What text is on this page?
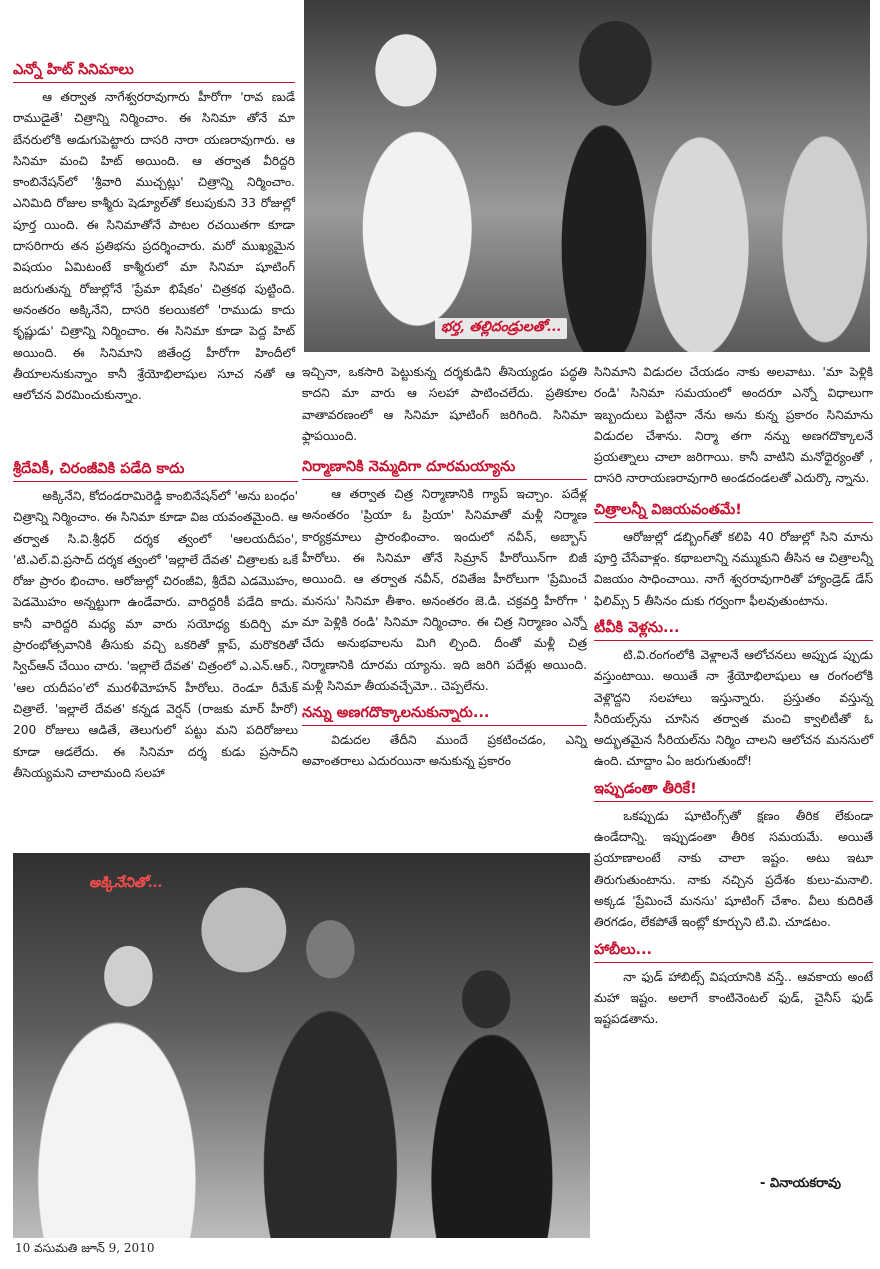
ఎన్నో హిట్ సినిమాలు

ఆ తర్వాత నాగేశ్వరరావుగారు హీరోగా 'రావ ణుడే రాముడైతే' చిత్రాన్ని నిర్మించాం. ఈ సినిమా తోనే మా బేనరులోకి అడుగుపెట్టారు దాసరి నారా యణరావుగారు. ఆ సినిమా మంచి హిట్ అయింది. ఆ తర్వాత వీరిద్దరి కాంబినేషన్‌లో 'శ్రీవారి ముచ్చట్లు' చిత్రాన్ని నిర్మించాం. ఎనిమిది రోజుల కాశ్మీరు షెడ్యూల్‌తో కలుపుకుని 33 రోజుల్లో పూర్త యింది. ఈ సినిమాతోనే పాటల రచయితగా కూడా దాసరిగారు తన ప్రతిభను ప్రదర్శించారు. మరో ముఖ్యమైన విషయం ఏమిటంటే కాశ్మీరులో మా సినిమా షూటింగ్ జరుగుతున్న రోజుల్లోనే 'ప్రేమా భిషేకం' చిత్రకథ పుట్టింది. అనంతరం అక్కినేని, దాసరి కలయికలో 'రాముడు కాదు కృష్ణుడు' చిత్రాన్ని నిర్మించాం. ఈ సినిమా కూడా పెద్ద హిట్ అయింది. ఈ సినిమాని జితేంద్ర హీరోగా హిందీలో తీయాలనుకున్నాం కానీ శ్రేయోభిలాషుల సూచ నతో ఆ ఆలోచన విరమించుకున్నాం.

శ్రీదేవికీ, చిరంజీవికి పడేది కాదు

అక్కినేని, కోదండరామిరెడ్డి కాంబినేషన్‌లో 'అను బంధం' చిత్రాన్ని నిర్మించాం. ఈ సినిమా కూడా విజ యవంతమైంది. ఆ తర్వాత సి.వి.శ్రీధర్ దర్శక త్వంలో 'ఆలయదీపం', 'టి.ఎల్.వి.ప్రసాద్ దర్శక త్వంలో 'ఇల్లాలే దేవత' చిత్రాలకు ఒకే రోజు ప్రారం భించాం. ఆరోజుల్లో చిరంజీవి, శ్రీదేవి ఎడమొహం, పెడమొహం అన్నట్టుగా ఉండేవారు. వారిద్దరికీ పడేది కాదు. కానీ వారిద్దరి మధ్య మా వారు సయోధ్య కుదిర్చి మా ప్రారంభోత్సవానికి తీసుకు వచ్చి ఒకరితో క్లాప్, మరొకరితో స్విచ్‌ఆన్ చేయిం చారు. 'ఇల్లాలే దేవత' చిత్రంలో ఎ.ఎన్.ఆర్., 'ఆల యదీపం'లో మురళీమోహన్ హీరోలు. రెండూ రీమేక్ చిత్రాలే. 'ఇల్లాలే దేవత' కన్నడ వెర్షన్ (రాజకు మార్ హీరో) 200 రోజులు ఆడితే, తెలుగులో పట్టు మని పదిరోజులు కూడా ఆడలేదు. ఈ సినిమా దర్శ కుడు ప్రసాద్‌ని తీసెయ్యమని చాలామంది సలహా

భర్త, తల్లిదండ్రులతో...

ఇచ్చినా, ఒకసారి పెట్టుకున్న దర్శకుడిని తీసెయ్యడం పద్ధతి కాదని మా వారు ఆ సలహా పాటించలేదు. ప్రతికూల వాతావరణంలో ఆ సినిమా షూటింగ్ జరిగింది. సినిమా ఫ్లాపయింది.

నిర్మాణానికి నెమ్మదిగా దూరమయ్యాను

ఆ తర్వాత చిత్ర నిర్మాణానికి గ్యాప్ ఇచ్చాం. పదేళ్ల అనంతరం 'ప్రియా ఓ ప్రియా' సినిమాతో మళ్లీ నిర్మాణ కార్యక్రమాలు ప్రారంభించాం. ఇందులో నవీన్, అబ్బాస్ హీరోలు. ఈ సినిమా తోనే సిమ్రాన్ హీరోయిన్‌గా బిజీ అయింది. ఆ తర్వాత నవీన్, రవితేజ హీరోలుగా 'ప్రేమించే మనసు' సినిమా తీశాం. అనంతరం జె.డి. చక్రవర్తి హీరోగా ' మా పెళ్లికి రండి' సినిమా నిర్మించాం. ఈ చిత్ర నిర్మాణం ఎన్నో చేదు అనుభవాలను మిగి ల్చింది. దీంతో మళ్లీ చిత్ర నిర్మాణానికి దూరమ య్యాను. ఇది జరిగి పదేళ్లు అయింది. మళ్లీ సినిమా తీయవచ్చేమో.. చెప్పలేను.

నన్ను అణగదొక్కాలనుకున్నారు...

విడుదల తేదీని ముందే ప్రకటించడం, ఎన్ని అవాంతరాలు ఎదురయినా అనుకున్న ప్రకారం

సినిమాని విడుదల చేయడం నాకు అలవాటు. 'మా పెళ్లికి రండి' సినిమా సమయంలో అందరూ ఎన్నో విధాలుగా ఇబ్బందులు పెట్టినా నేను అను కున్న ప్రకారం సినిమాను విడుదల చేశాను. నిర్మా తగా నన్ను అణగదొక్కాలనే ప్రయత్నాలు చాలా జరిగాయి. కానీ వాటిని మనోధైర్యంతో , దాసరి నారాయణరావుగారి అండదండలతో ఎదుర్కొ న్నాను.

చిత్రాలన్నీ విజయవంతమే!

ఆరోజుల్లో డబ్బింగ్‌తో కలిపి 40 రోజుల్లో సిని మాను పూర్తి చేసేవాళ్లం. కథాబలాన్ని నమ్ముకుని తీసిన ఆ చిత్రాలన్నీ విజయం సాధించాయి. నాగే శ్వరరావుగారితో హ్యాండ్రెడ్ డేస్ ఫిలిమ్స్ 5 తీసినం దుకు గర్వంగా ఫీలవుతుంటాను.

టీవీకి వెళ్లను...

టి.వి.రంగంలోకి వెళ్లాలనే ఆలోచనలు అప్పుడ ప్పుడు వస్తుంటాయి. అయితే నా శ్రేయోభిలాషులు ఆ రంగంలోకి వెళ్లొద్దని సలహాలు ఇస్తున్నారు. ప్రస్తుతం వస్తున్న సీరియల్స్‌ను చూసిన తర్వాత మంచి క్వాలిటీతో ఓ అద్భుతమైన సీరియల్‌ను నిర్మిం చాలని ఆలోచన మనసులో ఉంది. చూద్దాం ఏం జరుగుతుందో!

ఇప్పుడంతా తీరికే!

ఒకప్పుడు షూటింగ్స్‌తో క్షణం తీరిక లేకుండా ఉండేదాన్ని. ఇప్పుడంతా తీరిక సమయమే. అయితే ప్రయాణాలంటే నాకు చాలా ఇష్టం. అటు ఇటూ తిరుగుతుంటాను. నాకు నచ్చిన ప్రదేశం కులు-మనాలి. అక్కడ 'ప్రేమించే మనసు' షూటింగ్ చేశాం. వీలు కుదిరితే తిరగడం, లేకపోతే ఇంట్లో కూర్చుని టి.వి. చూడటం.

హాబీలు...

నా ఫుడ్ హాబిట్స్ విషయానికి వస్తే.. ఆవకాయ అంటే మహా ఇష్టం. అలాగే కాంటినెంటల్ ఫుడ్, చైనీస్ ఫుడ్ ఇష్టపడతాను.

- వినాయకరావు
అక్కినేనితో...
10 వసుమతి జూన్ 9, 2010
